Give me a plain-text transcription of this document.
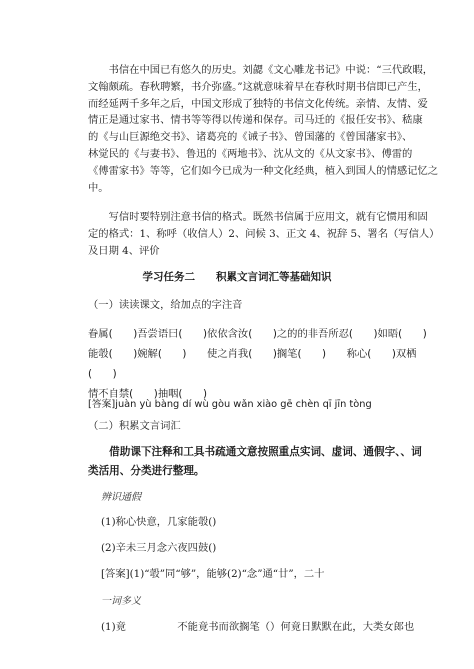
　　书信在中国已有悠久的历史。刘勰《文心雕龙书记》中说：“三代政暇，
文翰颇疏。春秋聘繁，书介弥盛。”这就意味着早在春秋时期书信即已产生，
而经延两千多年之后，中国文形成了独特的书信文化传统。亲情、友情、爱
情正是通过家书、情书等等得以传递和保存。司马迁的《报任安书》、嵇康
的《与山巨源绝交书》、诸葛亮的《诫子书》、曾国藩的《曾国藩家书》、
林觉民的《与妻书》、鲁迅的《两地书》、沈从文的《从文家书》、傅雷的
《傅雷家书》等等，它们如今已成为一种文化经典，植入到国人的情感记忆之
中。
　　写信时要特别注意书信的格式。既然书信属于应用文，就有它惯用和固
定的格式：1、称呼（收信人）2、问候 3、正文 4、祝辞 5、署名（写信人）
及日期 4、评价
学习任务二　　积累文言词汇等基础知识
（一）读读课文，给加点的字注音
眷属(　　)吾尝语曰(　　)依依含汝(　　)之的的非吾所忍(　　)如晤(　　)
能彀(　　)婉解(　　)　　使之肖我(　　)搁笔(　　)　　称心(　　)双栖
(　　)
情不自禁(　　)抽咽(　　)
[答案]juàn yù bàng dí wù gòu wǎn xiào gē chèn qī jīn tòng
（二）积累文言词汇
　　借助课下注释和工具书疏通文意按照重点实词、虚词、通假字、、词
类活用、分类进行整理。
辨识通假
(1)称心快意，几家能彀()
(2)辛未三月念六夜四鼓()
[答案](1)“彀”同“够”，能够(2)“念”通“廿”，二十
一词多义
(1)竟　　　　　不能竟书而欲搁笔（）何竟日默默在此，大类女郎也
